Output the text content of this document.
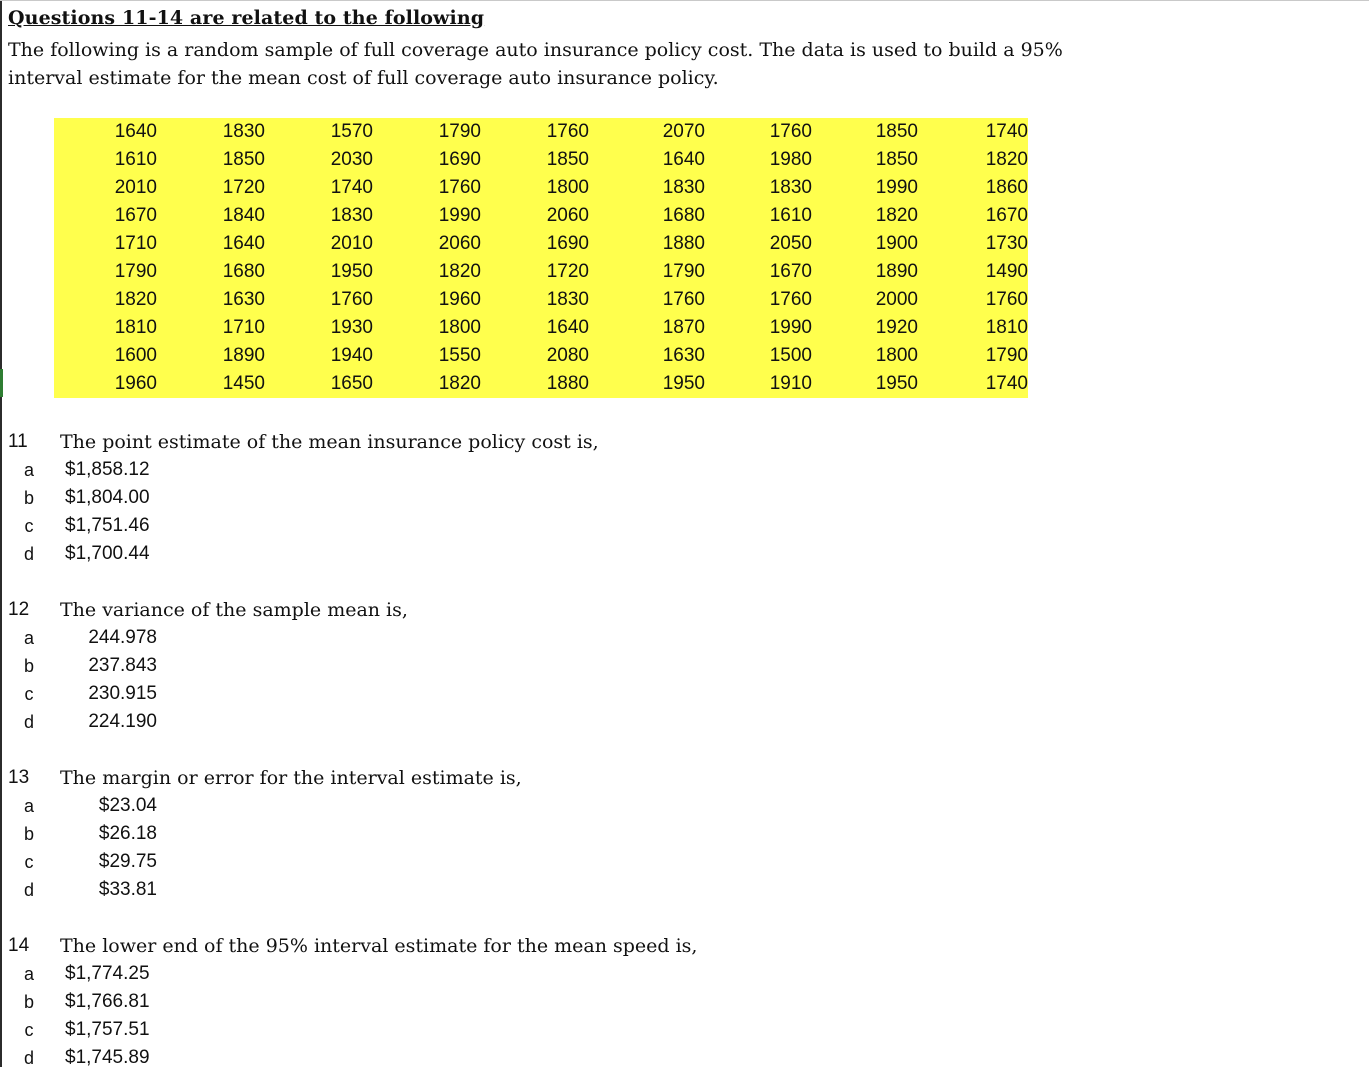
Questions 11-14 are related to the following
The following is a random sample of full coverage auto insurance policy cost. The data is used to build a 95% interval estimate for the mean cost of full coverage auto insurance policy.
1640	1830	1570	1790	1760	2070	1760	1850	1740
1610	1850	2030	1690	1850	1640	1980	1850	1820
2010	1720	1740	1760	1800	1830	1830	1990	1860
1670	1840	1830	1990	2060	1680	1610	1820	1670
1710	1640	2010	2060	1690	1880	2050	1900	1730
1790	1680	1950	1820	1720	1790	1670	1890	1490
1820	1630	1760	1960	1830	1760	1760	2000	1760
1810	1710	1930	1800	1640	1870	1990	1920	1810
1600	1890	1940	1550	2080	1630	1500	1800	1790
1960	1450	1650	1820	1880	1950	1910	1950	1740
11 The point estimate of the mean insurance policy cost is,
a $1,858.12
b $1,804.00
c $1,751.46
d $1,700.44
12 The variance of the sample mean is,
a	244.978
b	237.843
c	230.915
d	224.190
13 The margin or error for the interval estimate is,
a	$23.04
b	$26.18
c	$29.75
d	$33.81
14 The lower end of the 95% interval estimate for the mean speed is,
a $1,774.25
b $1,766.81
c $1,757.51
d $1,745.89
